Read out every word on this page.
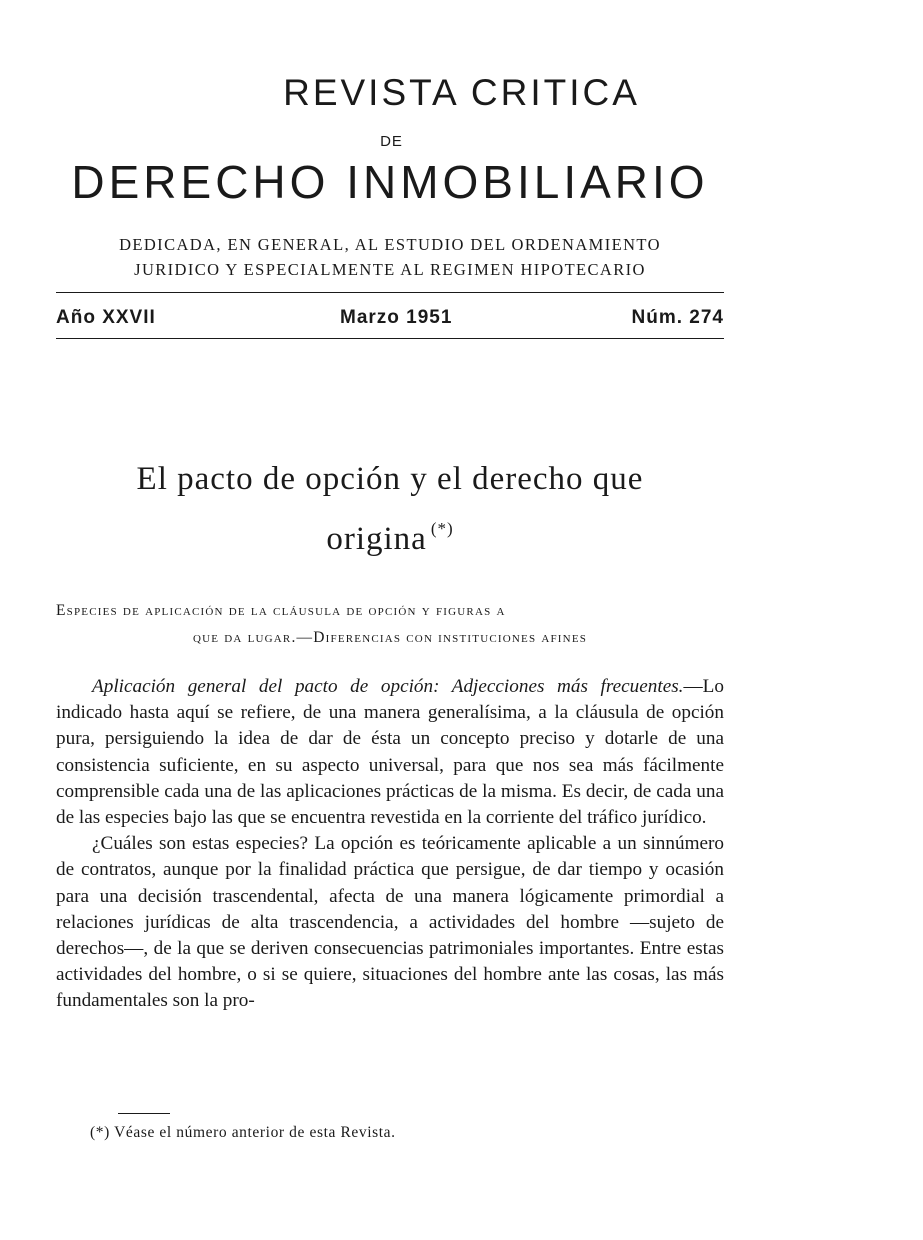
REVISTA CRITICA
DE
DERECHO INMOBILIARIO
DEDICADA, EN GENERAL, AL ESTUDIO DEL ORDENAMIENTO
JURIDICO Y ESPECIALMENTE AL REGIMEN HIPOTECARIO
Año XXVII	Marzo 1951	Núm. 274
El pacto de opción y el derecho que
origina (*)
Especies de aplicación de la cláusula de opción y figuras a
que da lugar.—Diferencias con instituciones afines

Aplicación general del pacto de opción: Adjecciones más frecuentes.—Lo indicado hasta aquí se refiere, de una manera generalísima, a la cláusula de opción pura, persiguiendo la idea de dar de ésta un concepto preciso y dotarle de una consistencia suficiente, en su aspecto universal, para que nos sea más fácilmente comprensible cada una de las aplicaciones prácticas de la misma. Es decir, de cada una de las especies bajo las que se encuentra revestida en la corriente del tráfico jurídico.

¿Cuáles son estas especies? La opción es teóricamente aplicable a un sinnúmero de contratos, aunque por la finalidad práctica que persigue, de dar tiempo y ocasión para una decisión trascendental, afecta de una manera lógicamente primordial a relaciones jurídicas de alta trascendencia, a actividades del hombre —sujeto de derechos—, de la que se deriven consecuencias patrimoniales importantes. Entre estas actividades del hombre, o si se quiere, situaciones del hombre ante las cosas, las más fundamentales son la pro-

(*) Véase el número anterior de esta Revista.
